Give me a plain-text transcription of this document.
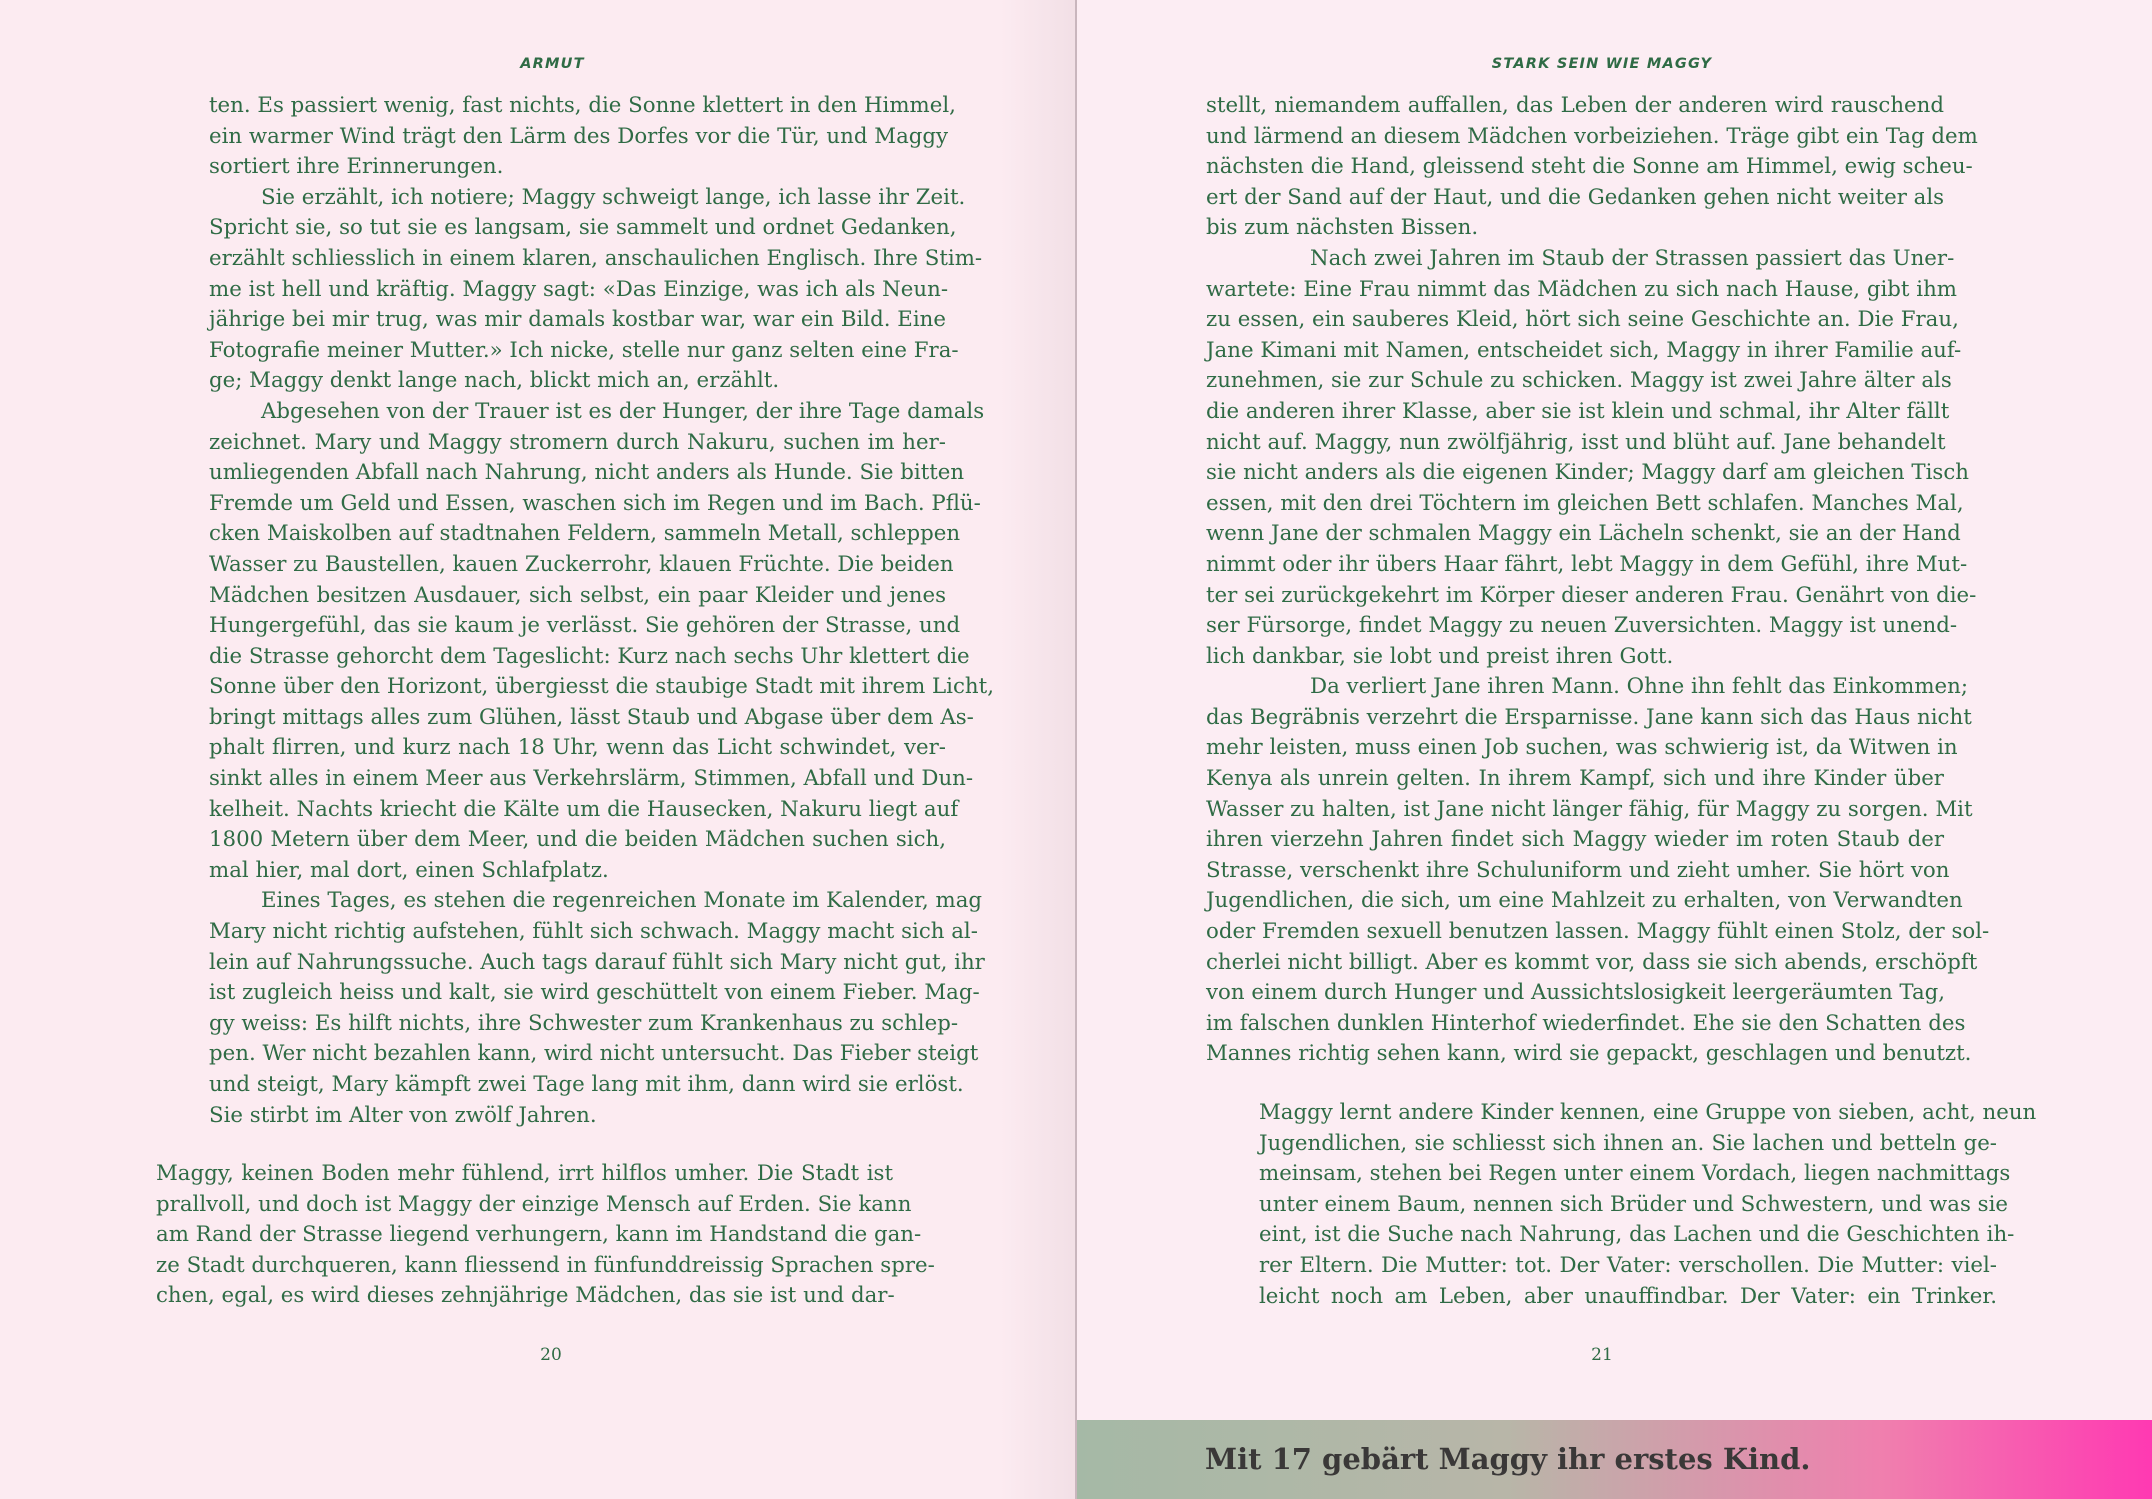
ARMUT	STARK SEIN WIE MAGGY
ten. Es passiert wenig, fast nichts, die Sonne klettert in den Himmel,
ein warmer Wind trägt den Lärm des Dorfes vor die Tür, und Maggy
sortiert ihre Erinnerungen.
Sie erzählt, ich notiere; Maggy schweigt lange, ich lasse ihr Zeit.
Spricht sie, so tut sie es langsam, sie sammelt und ordnet Gedanken,
erzählt schliesslich in einem klaren, anschaulichen Englisch. Ihre Stim-
me ist hell und kräftig. Maggy sagt: «Das Einzige, was ich als Neun-
jährige bei mir trug, was mir damals kostbar war, war ein Bild. Eine
Fotografie meiner Mutter.» Ich nicke, stelle nur ganz selten eine Fra-
ge; Maggy denkt lange nach, blickt mich an, erzählt.
Abgesehen von der Trauer ist es der Hunger, der ihre Tage damals
zeichnet. Mary und Maggy stromern durch Nakuru, suchen im her-
umliegenden Abfall nach Nahrung, nicht anders als Hunde. Sie bitten
Fremde um Geld und Essen, waschen sich im Regen und im Bach. Pflü-
cken Maiskolben auf stadtnahen Feldern, sammeln Metall, schleppen
Wasser zu Baustellen, kauen Zuckerrohr, klauen Früchte. Die beiden
Mädchen besitzen Ausdauer, sich selbst, ein paar Kleider und jenes
Hungergefühl, das sie kaum je verlässt. Sie gehören der Strasse, und
die Strasse gehorcht dem Tageslicht: Kurz nach sechs Uhr klettert die
Sonne über den Horizont, übergiesst die staubige Stadt mit ihrem Licht,
bringt mittags alles zum Glühen, lässt Staub und Abgase über dem As-
phalt flirren, und kurz nach 18 Uhr, wenn das Licht schwindet, ver-
sinkt alles in einem Meer aus Verkehrslärm, Stimmen, Abfall und Dun-
kelheit. Nachts kriecht die Kälte um die Hausecken, Nakuru liegt auf
1800 Metern über dem Meer, und die beiden Mädchen suchen sich,
mal hier, mal dort, einen Schlafplatz.
Eines Tages, es stehen die regenreichen Monate im Kalender, mag
Mary nicht richtig aufstehen, fühlt sich schwach. Maggy macht sich al-
lein auf Nahrungssuche. Auch tags darauf fühlt sich Mary nicht gut, ihr
ist zugleich heiss und kalt, sie wird geschüttelt von einem Fieber. Mag-
gy weiss: Es hilft nichts, ihre Schwester zum Krankenhaus zu schlep-
pen. Wer nicht bezahlen kann, wird nicht untersucht. Das Fieber steigt
und steigt, Mary kämpft zwei Tage lang mit ihm, dann wird sie erlöst.
Sie stirbt im Alter von zwölf Jahren.
Maggy, keinen Boden mehr fühlend, irrt hilflos umher. Die Stadt ist
prallvoll, und doch ist Maggy der einzige Mensch auf Erden. Sie kann
am Rand der Strasse liegend verhungern, kann im Handstand die gan-
ze Stadt durchqueren, kann fliessend in fünfunddreissig Sprachen spre-
chen, egal, es wird dieses zehnjährige Mädchen, das sie ist und dar-
stellt, niemandem auffallen, das Leben der anderen wird rauschend
und lärmend an diesem Mädchen vorbeiziehen. Träge gibt ein Tag dem
nächsten die Hand, gleissend steht die Sonne am Himmel, ewig scheu-
ert der Sand auf der Haut, und die Gedanken gehen nicht weiter als
bis zum nächsten Bissen.
Nach zwei Jahren im Staub der Strassen passiert das Uner-
wartete: Eine Frau nimmt das Mädchen zu sich nach Hause, gibt ihm
zu essen, ein sauberes Kleid, hört sich seine Geschichte an. Die Frau,
Jane Kimani mit Namen, entscheidet sich, Maggy in ihrer Familie auf-
zunehmen, sie zur Schule zu schicken. Maggy ist zwei Jahre älter als
die anderen ihrer Klasse, aber sie ist klein und schmal, ihr Alter fällt
nicht auf. Maggy, nun zwölfjährig, isst und blüht auf. Jane behandelt
sie nicht anders als die eigenen Kinder; Maggy darf am gleichen Tisch
essen, mit den drei Töchtern im gleichen Bett schlafen. Manches Mal,
wenn Jane der schmalen Maggy ein Lächeln schenkt, sie an der Hand
nimmt oder ihr übers Haar fährt, lebt Maggy in dem Gefühl, ihre Mut-
ter sei zurückgekehrt im Körper dieser anderen Frau. Genährt von die-
ser Fürsorge, findet Maggy zu neuen Zuversichten. Maggy ist unend-
lich dankbar, sie lobt und preist ihren Gott.
Da verliert Jane ihren Mann. Ohne ihn fehlt das Einkommen;
das Begräbnis verzehrt die Ersparnisse. Jane kann sich das Haus nicht
mehr leisten, muss einen Job suchen, was schwierig ist, da Witwen in
Kenya als unrein gelten. In ihrem Kampf, sich und ihre Kinder über
Wasser zu halten, ist Jane nicht länger fähig, für Maggy zu sorgen. Mit
ihren vierzehn Jahren findet sich Maggy wieder im roten Staub der
Strasse, verschenkt ihre Schuluniform und zieht umher. Sie hört von
Jugendlichen, die sich, um eine Mahlzeit zu erhalten, von Verwandten
oder Fremden sexuell benutzen lassen. Maggy fühlt einen Stolz, der sol-
cherlei nicht billigt. Aber es kommt vor, dass sie sich abends, erschöpft
von einem durch Hunger und Aussichtslosigkeit leergeräumten Tag,
im falschen dunklen Hinterhof wiederfindet. Ehe sie den Schatten des
Mannes richtig sehen kann, wird sie gepackt, geschlagen und benutzt.
Maggy lernt andere Kinder kennen, eine Gruppe von sieben, acht, neun
Jugendlichen, sie schliesst sich ihnen an. Sie lachen und betteln ge-
meinsam, stehen bei Regen unter einem Vordach, liegen nachmittags
unter einem Baum, nennen sich Brüder und Schwestern, und was sie
eint, ist die Suche nach Nahrung, das Lachen und die Geschichten ih-
rer Eltern. Die Mutter: tot. Der Vater: verschollen. Die Mutter: viel-
leicht noch am Leben, aber unauffindbar. Der Vater: ein Trinker.
20	21
Mit 17 gebärt Maggy ihr erstes Kind.
